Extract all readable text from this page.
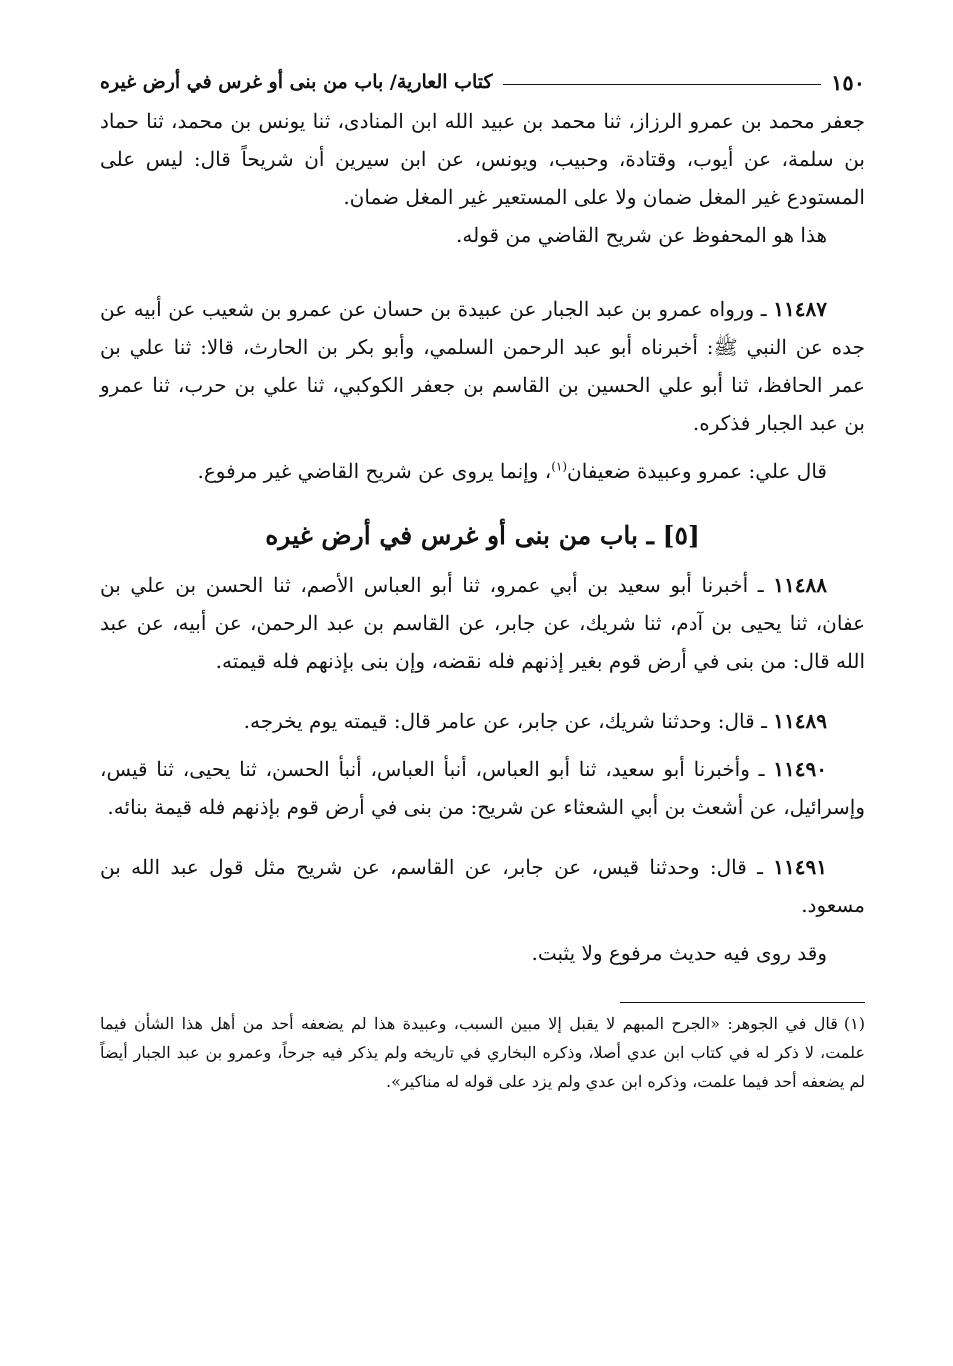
١٥٠
كتاب العارية/ باب من بنى أو غرس في أرض غيره

جعفر محمد بن عمرو الرزاز، ثنا محمد بن عبيد الله ابن المنادى، ثنا يونس بن محمد، ثنا حماد بن سلمة، عن أيوب، وقتادة، وحبيب، ويونس، عن ابن سيرين أن شريحاً قال: ليس على المستودع غير المغل ضمان ولا على المستعير غير المغل ضمان.

هذا هو المحفوظ عن شريح القاضي من قوله.

١١٤٨٧ ـ ورواه عمرو بن عبد الجبار عن عبيدة بن حسان عن عمرو بن شعيب عن أبيه عن جده عن النبي ﷺ: أخبرناه أبو عبد الرحمن السلمي، وأبو بكر بن الحارث، قالا: ثنا علي بن عمر الحافظ، ثنا أبو علي الحسين بن القاسم بن جعفر الكوكبي، ثنا علي بن حرب، ثنا عمرو بن عبد الجبار فذكره.

قال علي: عمرو وعبيدة ضعيفان$^{(١)}$، وإنما يروى عن شريح القاضي غير مرفوع.

[٥] ـ باب من بنى أو غرس في أرض غيره

١١٤٨٨ ـ أخبرنا أبو سعيد بن أبي عمرو، ثنا أبو العباس الأصم، ثنا الحسن بن علي بن عفان، ثنا يحيى بن آدم، ثنا شريك، عن جابر، عن القاسم بن عبد الرحمن، عن أبيه، عن عبد الله قال: من بنى في أرض قوم بغير إذنهم فله نقضه، وإن بنى بإذنهم فله قيمته.

١١٤٨٩ ـ قال: وحدثنا شريك، عن جابر، عن عامر قال: قيمته يوم يخرجه.

١١٤٩٠ ـ وأخبرنا أبو سعيد، ثنا أبو العباس، أنبأ العباس، أنبأ الحسن، ثنا يحيى، ثنا قيس، وإسرائيل، عن أشعث بن أبي الشعثاء عن شريح: من بنى في أرض قوم بإذنهم فله قيمة بنائه.

١١٤٩١ ـ قال: وحدثنا قيس، عن جابر، عن القاسم، عن شريح مثل قول عبد الله بن مسعود.

وقد روى فيه حديث مرفوع ولا يثبت.

(١)قال في الجوهر: «الجرح المبهم لا يقبل إلا مبين السبب، وعبيدة هذا لم يضعفه أحد من أهل هذا الشأن فيما علمت، لا ذكر له في كتاب ابن عدي أصلا، وذكره البخاري في تاريخه ولم يذكر فيه جرحاً، وعمرو بن عبد الجبار أيضاً لم يضعفه أحد فيما علمت، وذكره ابن عدي ولم يزد على قوله له مناكير».
